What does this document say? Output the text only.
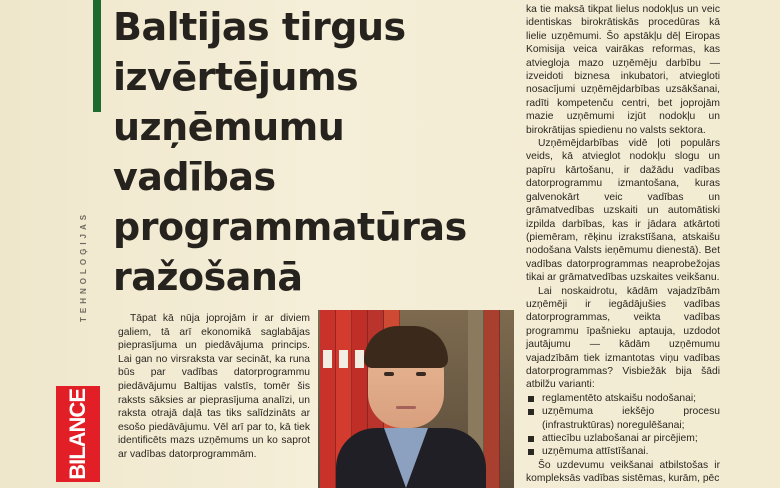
TEHNOLOĢIJAS
BILANCE
Baltijas tirgus
izvērtējums
uzņēmumu
vadības
programmatūras
ražošanā

Tāpat kā nūja joprojām ir ar diviem galiem, tā arī ekonomikā saglabājas pieprasījuma un piedāvājuma princips. Lai gan no virsraksta var secināt, ka runa būs par vadības datorprogrammu piedāvājumu Baltijas valstīs, tomēr šis raksts sāksies ar pieprasījuma analīzi, un raksta otrajā daļā tas tiks salīdzināts ar esošo piedāvājumu. Vēl arī par to, kā tiek identificēts mazs uzņēmums un ko saprot ar vadības datorprogrammām.

ka tie maksā tikpat lielus nodokļus un veic identiskas birokrātiskās procedūras kā lielie uzņēmumi. Šo apstākļu dēļ Eiropas Komisija veica vairākas reformas, kas atviegloja mazo uzņēmēju darbību — izveidoti biznesa inkubatori, atviegloti nosacījumi uzņēmējdarbības uzsākšanai, radīti kompetenču centri, bet joprojām mazie uzņēmumi izjūt nodokļu un birokrātijas spiedienu no valsts sektora.

Uzņēmējdarbības vidē ļoti populārs veids, kā atvieglot nodokļu slogu un papīru kārtošanu, ir dažādu vadības datorprogrammu izmantošana, kuras galvenokārt veic vadības un grāmatvedības uzskaiti un automātiski izpilda darbības, kas ir jādara atkārtoti (piemēram, rēķinu izrakstīšana, atskaišu nodošana Valsts ieņēmumu dienestā). Bet vadības datorprogrammas neaprobežojas tikai ar grāmatvedības uzskaites veikšanu.

Lai noskaidrotu, kādām vajadzībām uzņēmēji ir iegādājušies vadības datorprogrammas, veikta vadības programmu īpašnieku aptauja, uzdodot jautājumu — kādām uzņēmumu vajadzībām tiek izmantotas viņu vadības datorprogrammas? Visbiežāk bija šādi atbilžu varianti:

reglamentēto atskaišu nodošanai;
uzņēmuma iekšējo procesu (infrastruktūras) noregulēšanai;
attiecību uzlabošanai ar pircējiem;
uzņēmuma attīstīšanai.

Šo uzdevumu veikšanai atbilstošas ir kompleksās vadības sistēmas, kurām, pēc
